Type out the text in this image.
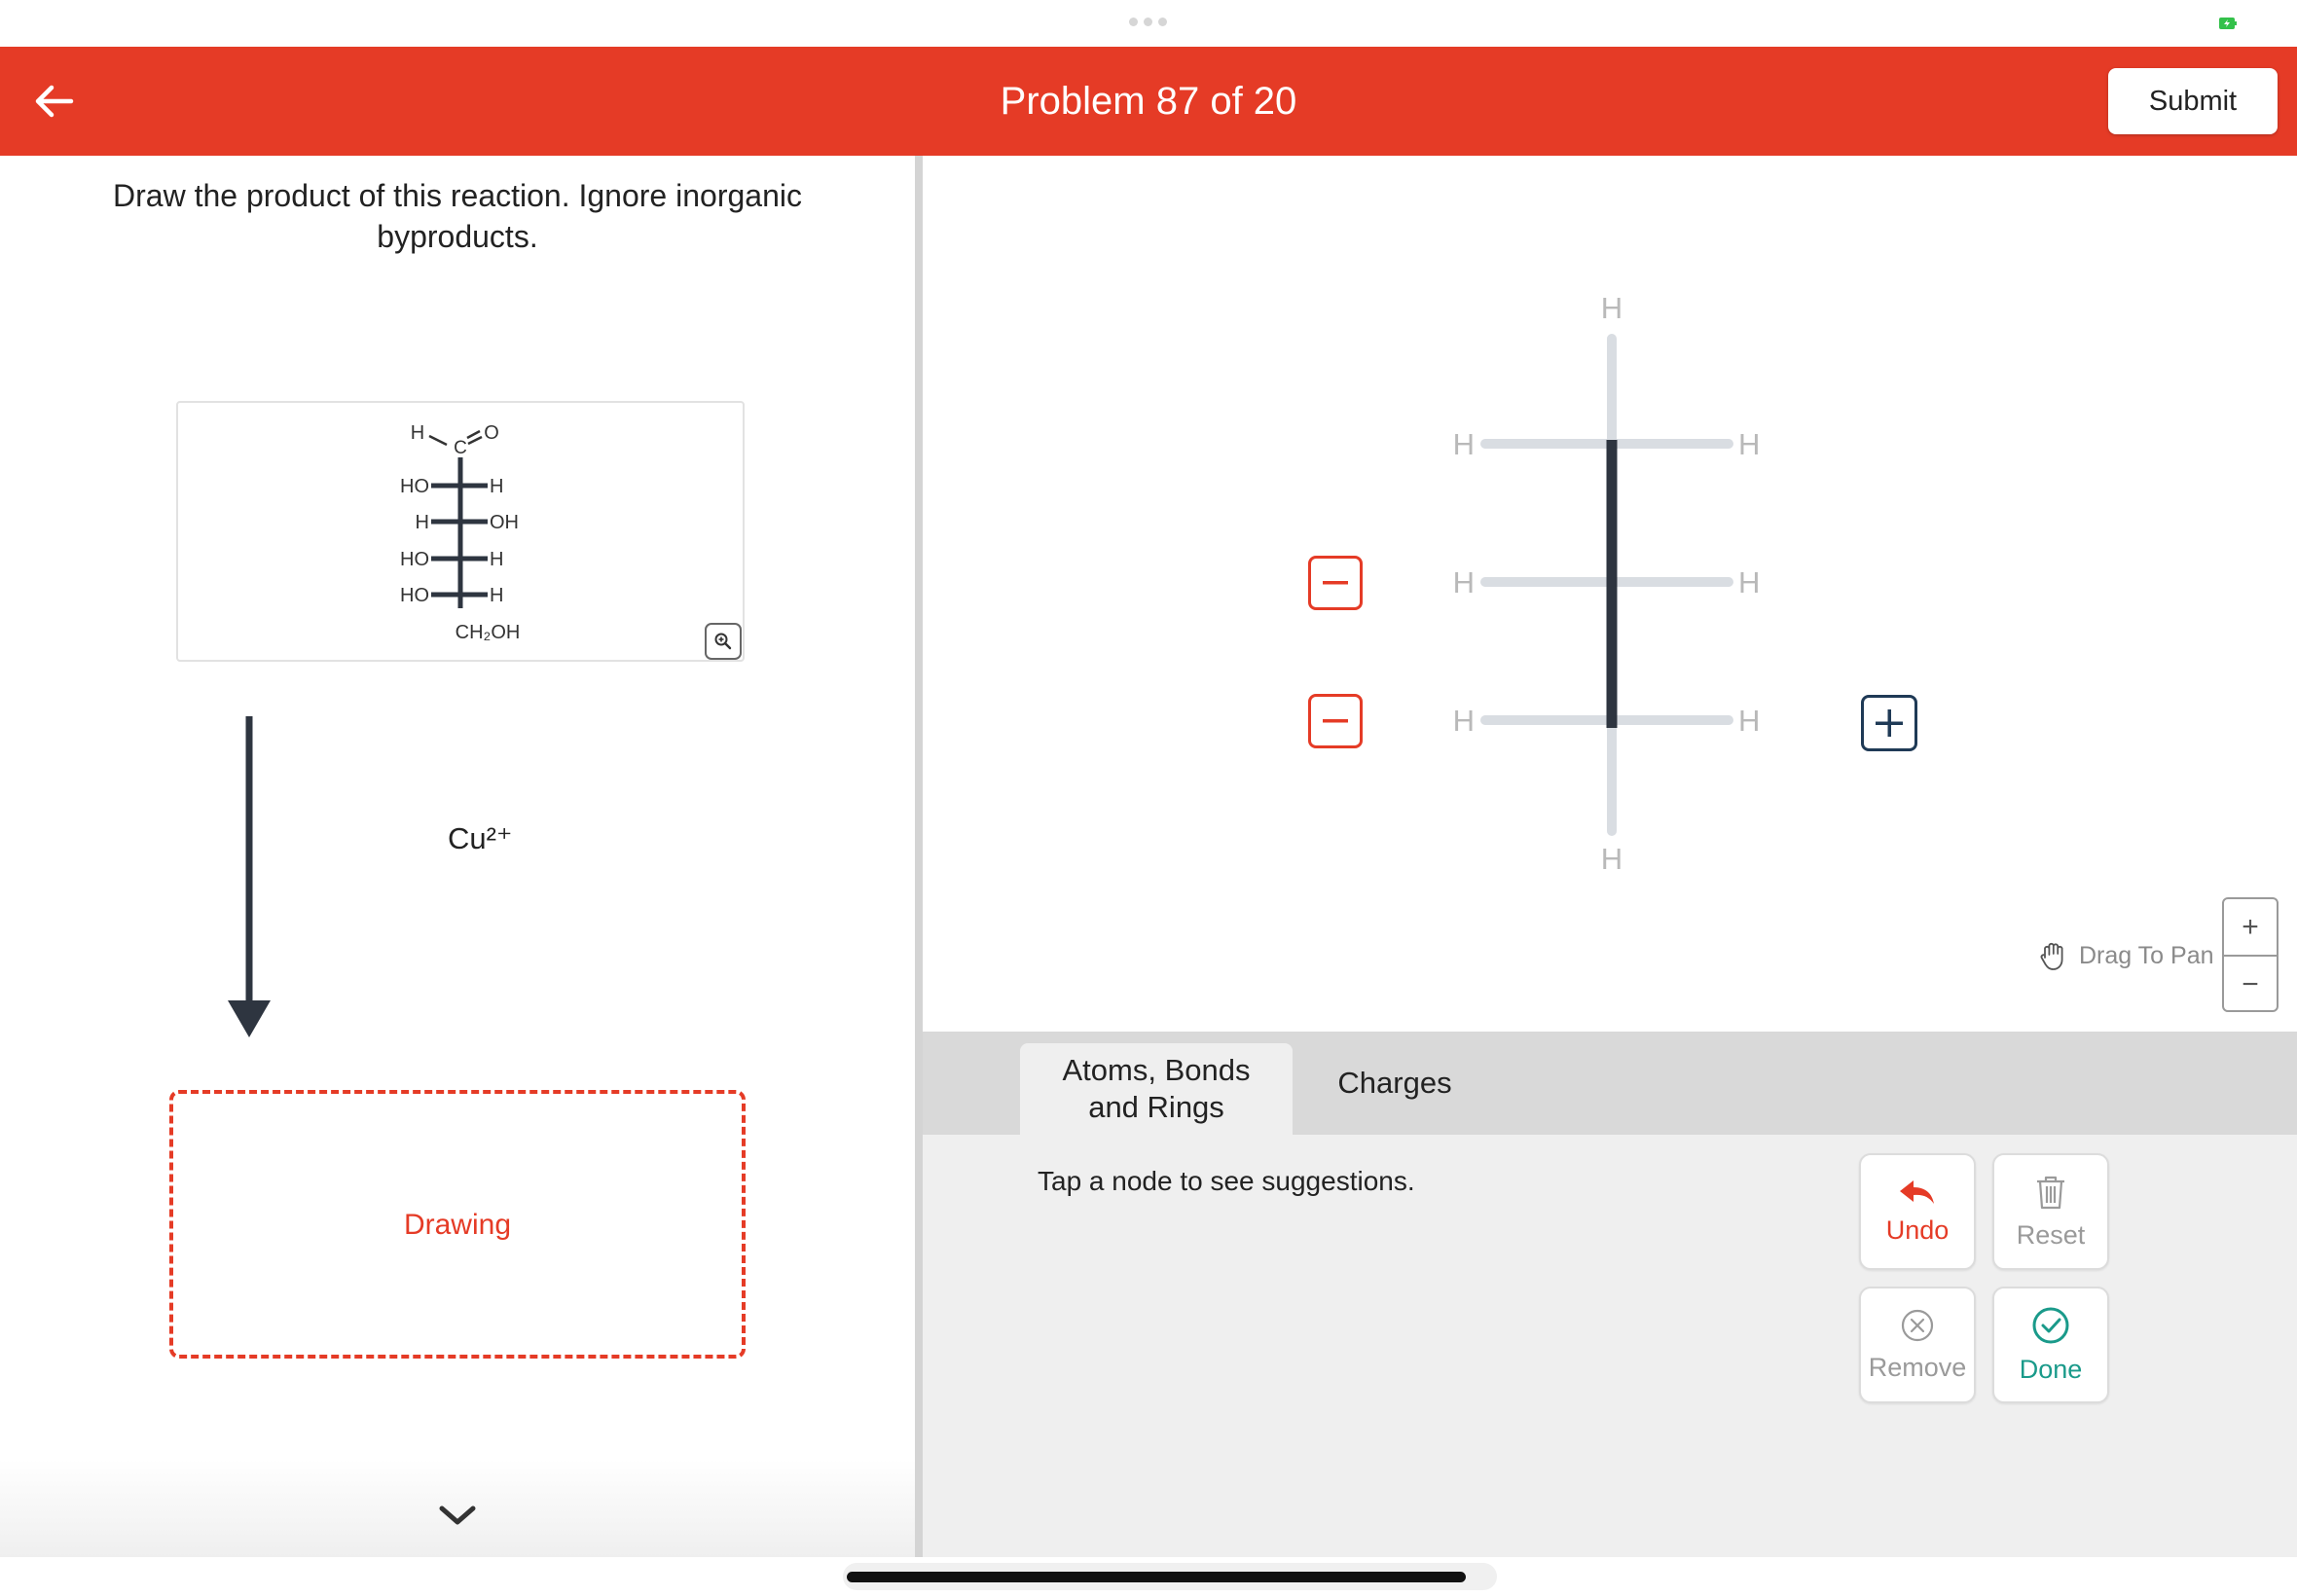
Problem 87 of 20	Submit
Draw the product of this reaction. Ignore inorganic byproducts.
H
C
O
HO	H
H	OH
HO	H
HO	H
CH₂OH
Cu²⁺
Drawing
H
H
H	H
H	H
H	H
Drag To Pan
+
−
Atoms, Bonds and Rings
Charges
Tap a node to see suggestions.
Undo	Reset
Remove Done
